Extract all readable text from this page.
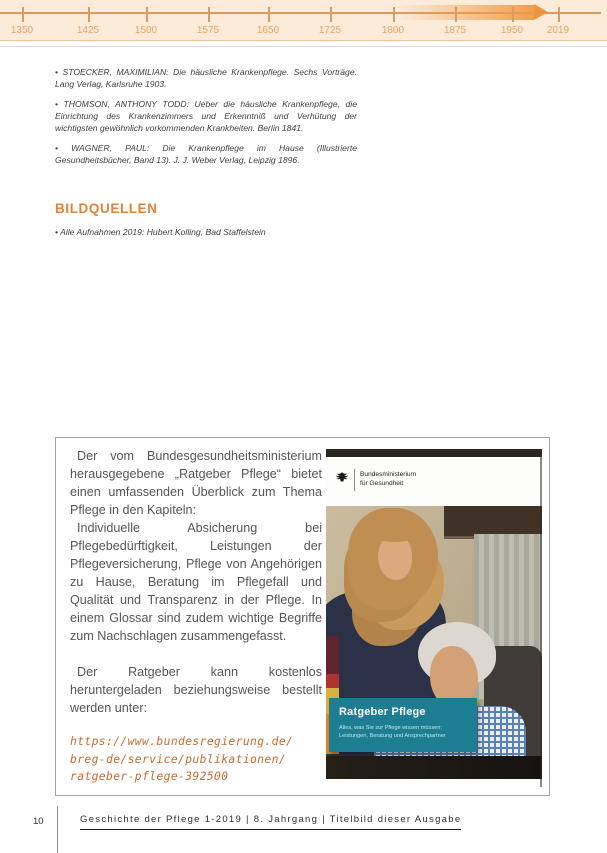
1350	1425	1500	1575	1650	1725	1800	1875	1950	2019

• STOECKER, MAXIMILIAN: Die häusliche Krankenpflege. Sechs Vorträge. Lang Verlag, Karlsruhe 1903.

• THOMSON, ANTHONY TODD: Ueber die häusliche Krankenpflege, die Einrichtung des Krankenzimmers und Erkenntniß und Verhütung der wichtigsten gewöhnlich vorkommenden Krankheiten. Berlin 1841.

• WAGNER, PAUL: Die Krankenpflege im Hause (Illustrierte Gesundheitsbücher, Band 13). J. J. Weber Verlag, Leipzig 1896.

BILDQUELLEN
• Alle Aufnahmen 2019: Hubert Kolling, Bad Staffelstein

Der vom Bundesgesundheitsministerium herausgegebene „Ratgeber Pflege“ bietet einen umfassenden Überblick zum Thema Pflege in den Kapiteln:

Individuelle Absicherung bei Pflegebedürftigkeit, Leistungen der Pflegeversicherung, Pflege von Angehörigen zu Hause, Beratung im Pflegefall und Qualität und Transparenz in der Pflege. In einem Glossar sind zudem wichtige Begriffe zum Nachschlagen zusammengefasst.

Der Ratgeber kann kostenlos heruntergeladen beziehungsweise bestellt werden unter:

https://www.bundesregierung.de/
breg-de/service/publikationen/
ratgeber-pflege-392500
Bundesministerium
für Gesundheit
Ratgeber Pflege
Alles, was Sie zur Pflege wissen müssen:
Leistungen, Beratung und Ansprechpartner
10	Geschichte der Pflege 1-2019 | 8. Jahrgang | Titelbild dieser Ausgabe
